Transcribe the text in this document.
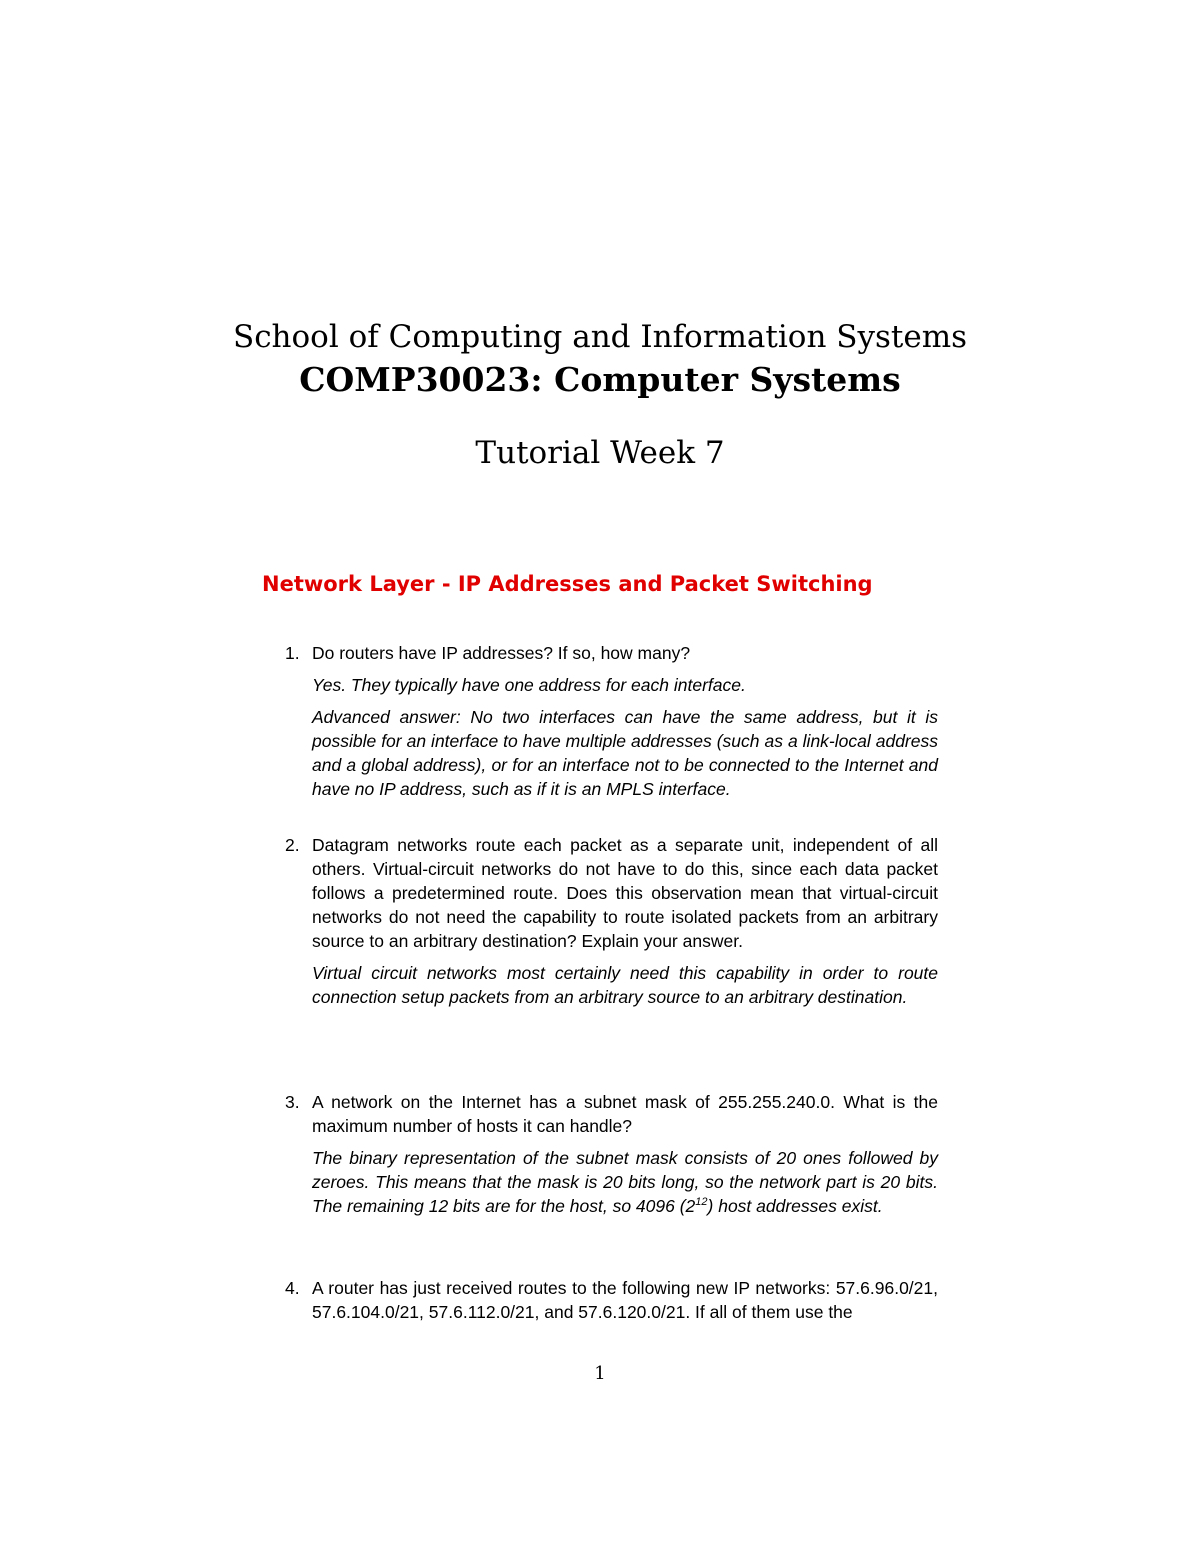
School of Computing and Information Systems
COMP30023: Computer Systems
Tutorial Week 7
Network Layer - IP Addresses and Packet Switching
1. Do routers have IP addresses? If so, how many?
Yes. They typically have one address for each interface.
Advanced answer: No two interfaces can have the same address, but it is possible for an interface to have multiple addresses (such as a link-local address and a global address), or for an interface not to be connected to the Internet and have no IP address, such as if it is an MPLS interface.
2. Datagram networks route each packet as a separate unit, independent of all others. Virtual-circuit networks do not have to do this, since each data packet follows a predetermined route. Does this observation mean that virtual-circuit networks do not need the capability to route isolated packets from an arbitrary source to an arbitrary destination? Explain your answer.
Virtual circuit networks most certainly need this capability in order to route connection setup packets from an arbitrary source to an arbitrary destination.
3. A network on the Internet has a subnet mask of 255.255.240.0. What is the maximum number of hosts it can handle?
The binary representation of the subnet mask consists of 20 ones followed by zeroes. This means that the mask is 20 bits long, so the network part is 20 bits. The remaining 12 bits are for the host, so 4096 $(2^{12})$ host addresses exist.
4. A router has just received routes to the following new IP networks: 57.6.96.0/21, 57.6.104.0/21, 57.6.112.0/21, and 57.6.120.0/21. If all of them use the
1
